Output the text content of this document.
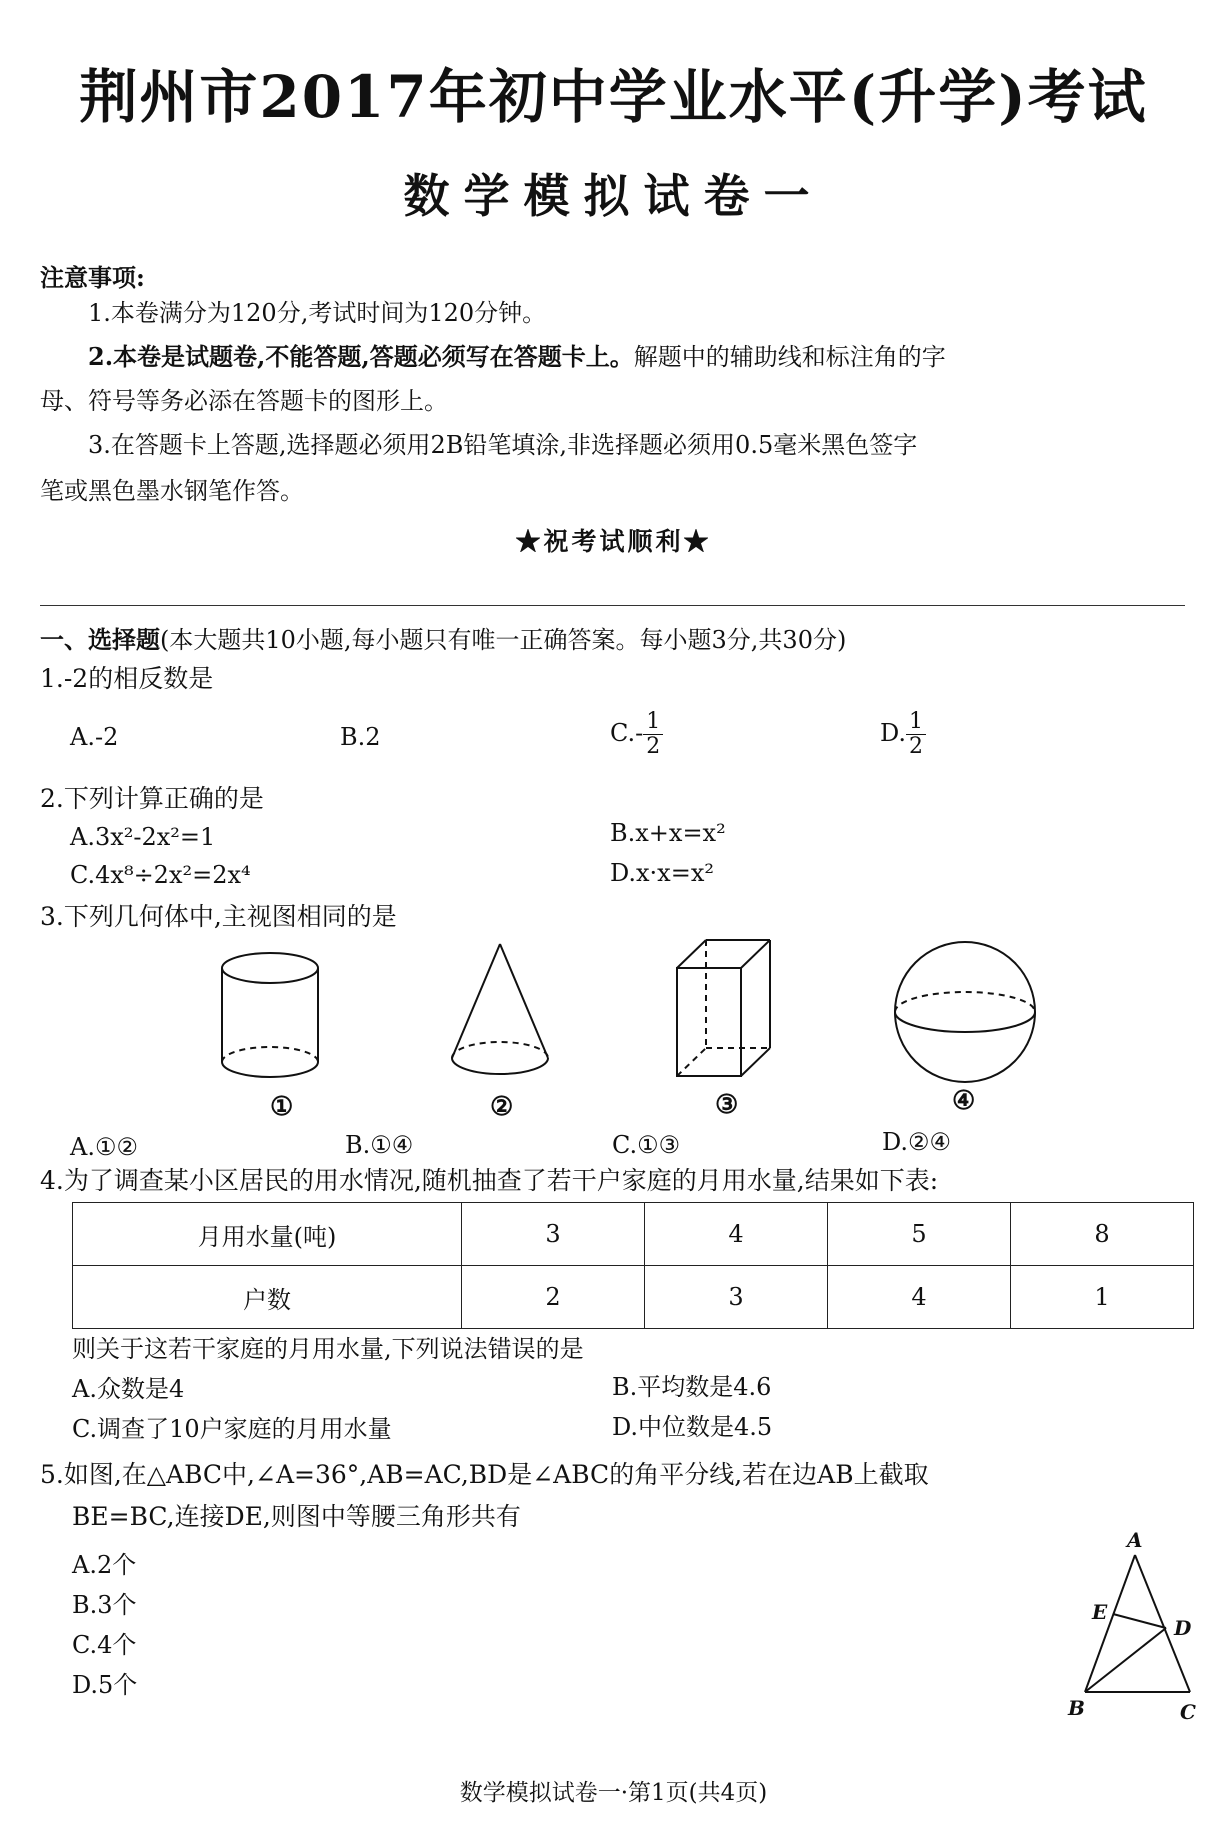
荆州市2017年初中学业水平(升学)考试
数学模拟试卷一
注意事项:
1.本卷满分为120分,考试时间为120分钟。
2.本卷是试题卷,不能答题,答题必须写在答题卡上。解题中的辅助线和标注角的字
母、符号等务必添在答题卡的图形上。
3.在答题卡上答题,选择题必须用2B铅笔填涂,非选择题必须用0.5毫米黑色签字
笔或黑色墨水钢笔作答。
★祝考试顺利★
一、选择题(本大题共10小题,每小题只有唯一正确答案。每小题3分,共30分)
1.-2的相反数是
A.-2	B.2	$C.- \frac{1}{2}$	D. $\frac{1}{2}$
2.下列计算正确的是
A.3x²-2x²=1	B.x+x=x²
C.4x⁸÷2x²=2x⁴	D.x·x=x²
3.下列几何体中,主视图相同的是
①	②	③	④
A.①②	B.①④	C.①③	D.②④
4.为了调查某小区居民的用水情况,随机抽查了若干户家庭的月用水量,结果如下表:
月用水量(吨)	3	4	5	8
户数	2	3	4	1
则关于这若干家庭的月用水量,下列说法错误的是
A.众数是4	B.平均数是4.6
C.调查了10户家庭的月用水量	D.中位数是4.5
5.如图,在△ABC中,∠A=36°,AB=AC,BD是∠ABC的角平分线,若在边AB上截取
BE=BC,连接DE,则图中等腰三角形共有
A.2个
B.3个
C.4个
D.5个
A
E
D
B	C
数学模拟试卷一·第1页(共4页)
